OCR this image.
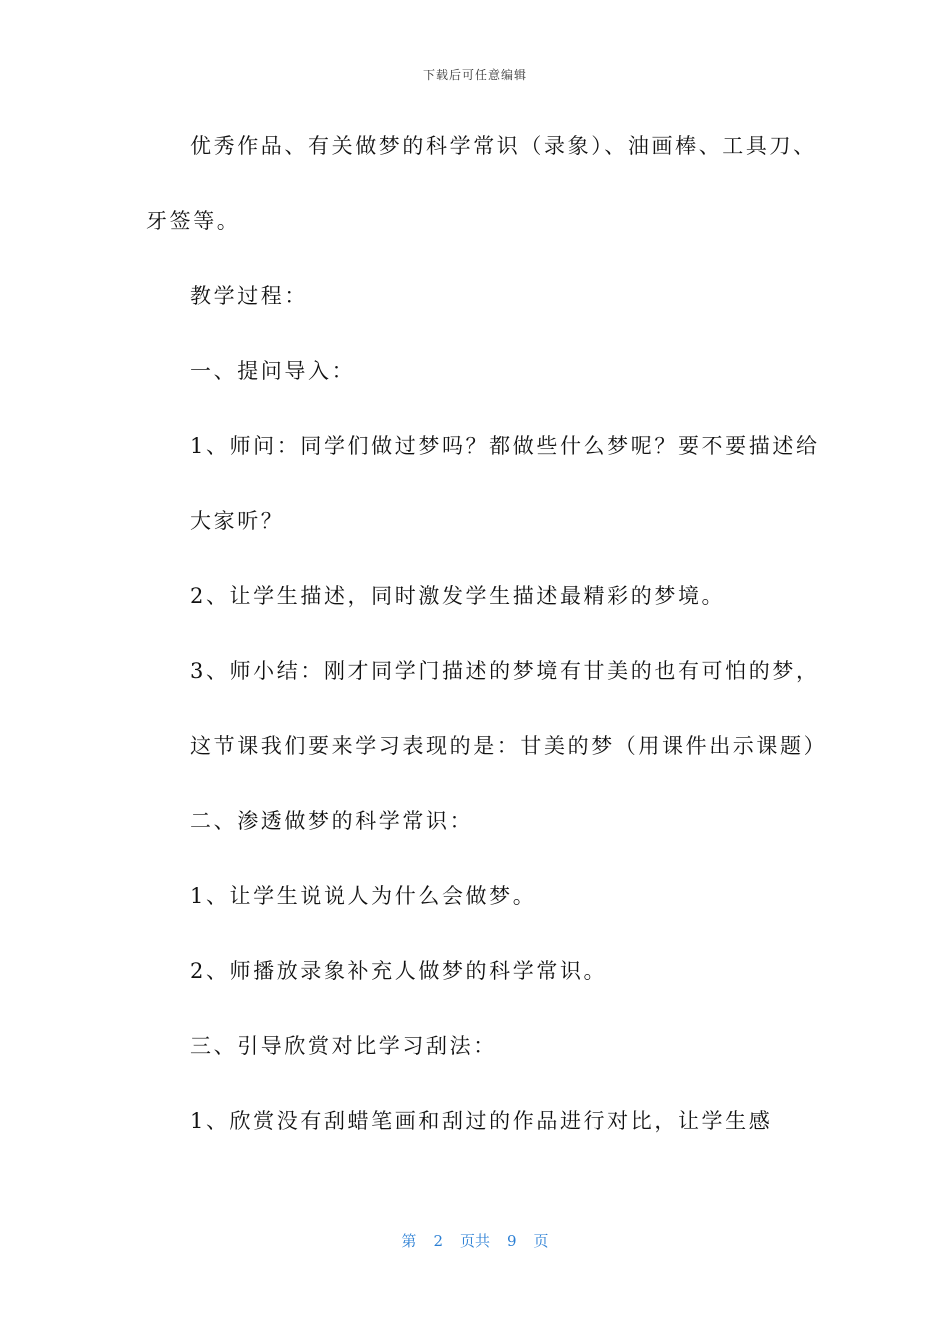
下载后可任意编辑
优秀作品、有关做梦的科学常识（录象）、油画棒、工具刀、
牙签等。
教学过程：
一、提问导入：
1、师问：同学们做过梦吗？都做些什么梦呢？要不要描述给
大家听？
2、让学生描述，同时激发学生描述最精彩的梦境。
3、师小结：刚才同学门描述的梦境有甘美的也有可怕的梦，
这节课我们要来学习表现的是：甘美的梦（用课件出示课题）
二、渗透做梦的科学常识：
1、让学生说说人为什么会做梦。
2、师播放录象补充人做梦的科学常识。
三、引导欣赏对比学习刮法：
1、欣赏没有刮蜡笔画和刮过的作品进行对比，让学生感
第 2 页共 9 页
